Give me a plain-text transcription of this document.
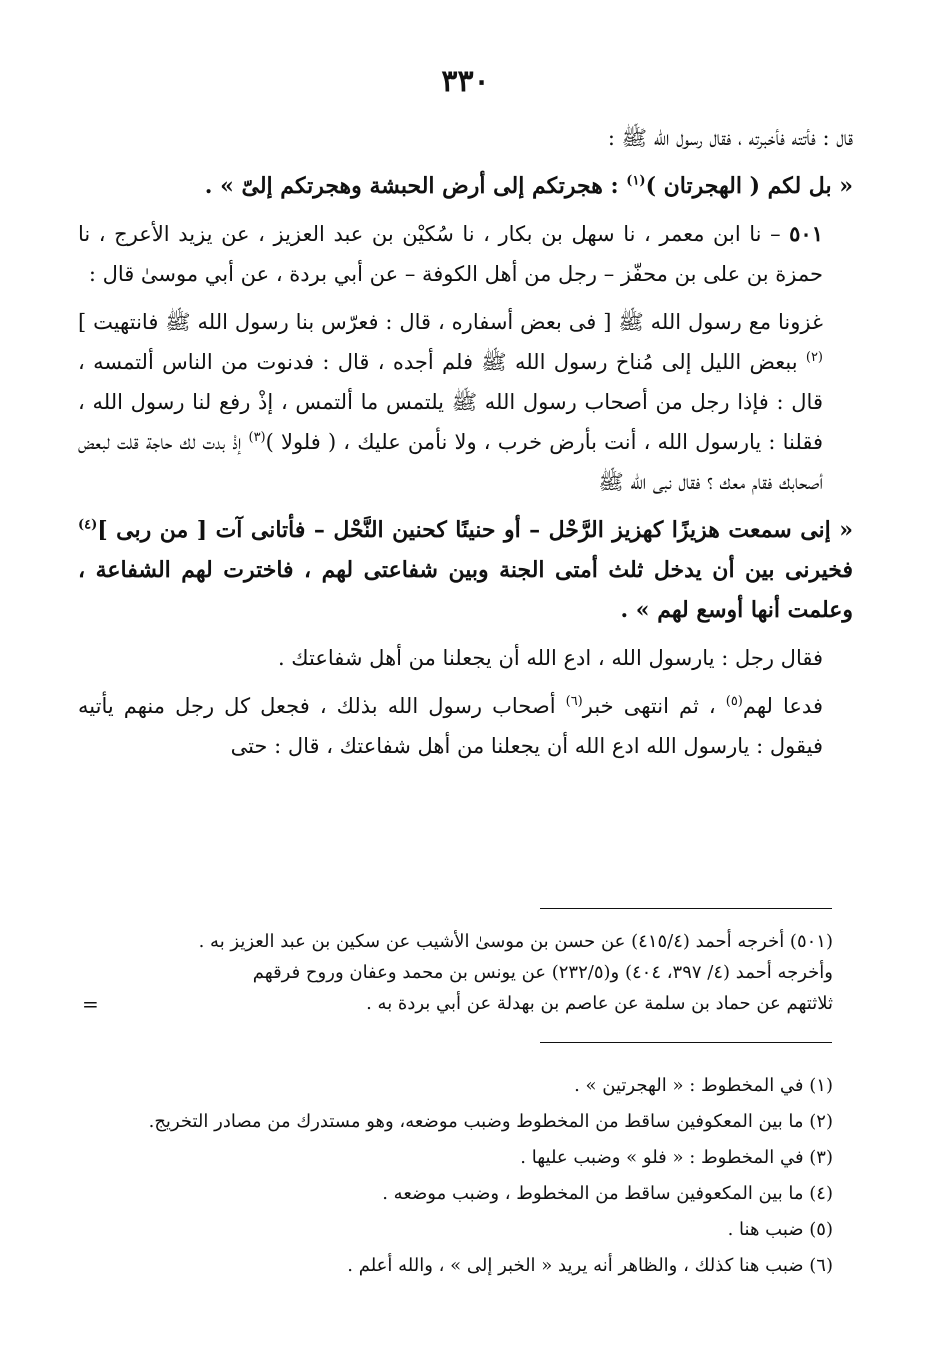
٣٣٠

قال : فأتته فأخبرته ، فقال رسول الله ﷺ :

« بل لكم ( الهجرتان )$^{(١)}$ : هجرتكم إلى أرض الحبشة وهجرتكم إلىّ » .

٥٠١ – نا ابن معمر ، نا سهل بن بكار ، نا سُكيْن بن عبد العزيز ، عن يزيد الأعرج ، نا حمزة بن على بن محفّز – رجل من أهل الكوفة – عن أبي بردة ، عن أبي موسىٰ قال :

غزونا مع رسول الله ﷺ [ فى بعض أسفاره ، قال : فعرّس بنا رسول الله ﷺ فانتهيت ]$^{(٢)}$ ببعض الليل إلى مُناخ رسول الله ﷺ فلم أجده ، قال : فدنوت من الناس ألتمسه ، قال : فإذا رجل من أصحاب رسول الله ﷺ يلتمس ما ألتمس ، إذْ رفع لنا رسول الله ، فقلنا : يارسول الله ، أنت بأرض خرب ، ولا نأمن عليك ، ( فلولا )$^{(٣)}$ إذْ بدت لك حاجة قلت لبعض أصحابك فقام معك ؟ فقال نبى الله ﷺ

« إنى سمعت هزيزًا كهزيز الرَّحْل – أو حنينًا كحنين النَّحْل – فأتانى آت [ من ربى ]$^{(٤)}$ فخيرنى بين أن يدخل ثلث أمتى الجنة وبين شفاعتى لهم ، فاخترت لهم الشفاعة ، وعلمت أنها أوسع لهم » .

فقال رجل : يارسول الله ، ادع الله أن يجعلنا من أهل شفاعتك .

فدعا لهم$^{(٥)}$ ، ثم انتهى خبر$^{(٦)}$ أصحاب رسول الله بذلك ، فجعل كل رجل منهم يأتيه فيقول : يارسول الله ادع الله أن يجعلنا من أهل شفاعتك ، قال : حتى

(٥٠١) أخرجه أحمد (٤١٥/٤) عن حسن بن موسىٰ الأشيب عن سكين بن عبد العزيز به .

وأخرجه أحمد (٤/ ٣٩٧، ٤٠٤) و(٢٣٢/٥) عن يونس بن محمد وعفان وروح فرقهم

ثلاثتهم عن حماد بن سلمة عن عاصم بن بهدلة عن أبي بردة به .

=
(١) في المخطوط : « الهجرتين » .
(٢) ما بين المعكوفين ساقط من المخطوط وضبب موضعه، وهو مستدرك من مصادر التخريج.
(٣) في المخطوط : « فلو » وضبب عليها .
(٤) ما بين المكعوفين ساقط من المخطوط ، وضبب موضعه .
(٥) ضبب هنا .
(٦) ضبب هنا كذلك ، والظاهر أنه يريد « الخبر إلى » ، والله أعلم .
